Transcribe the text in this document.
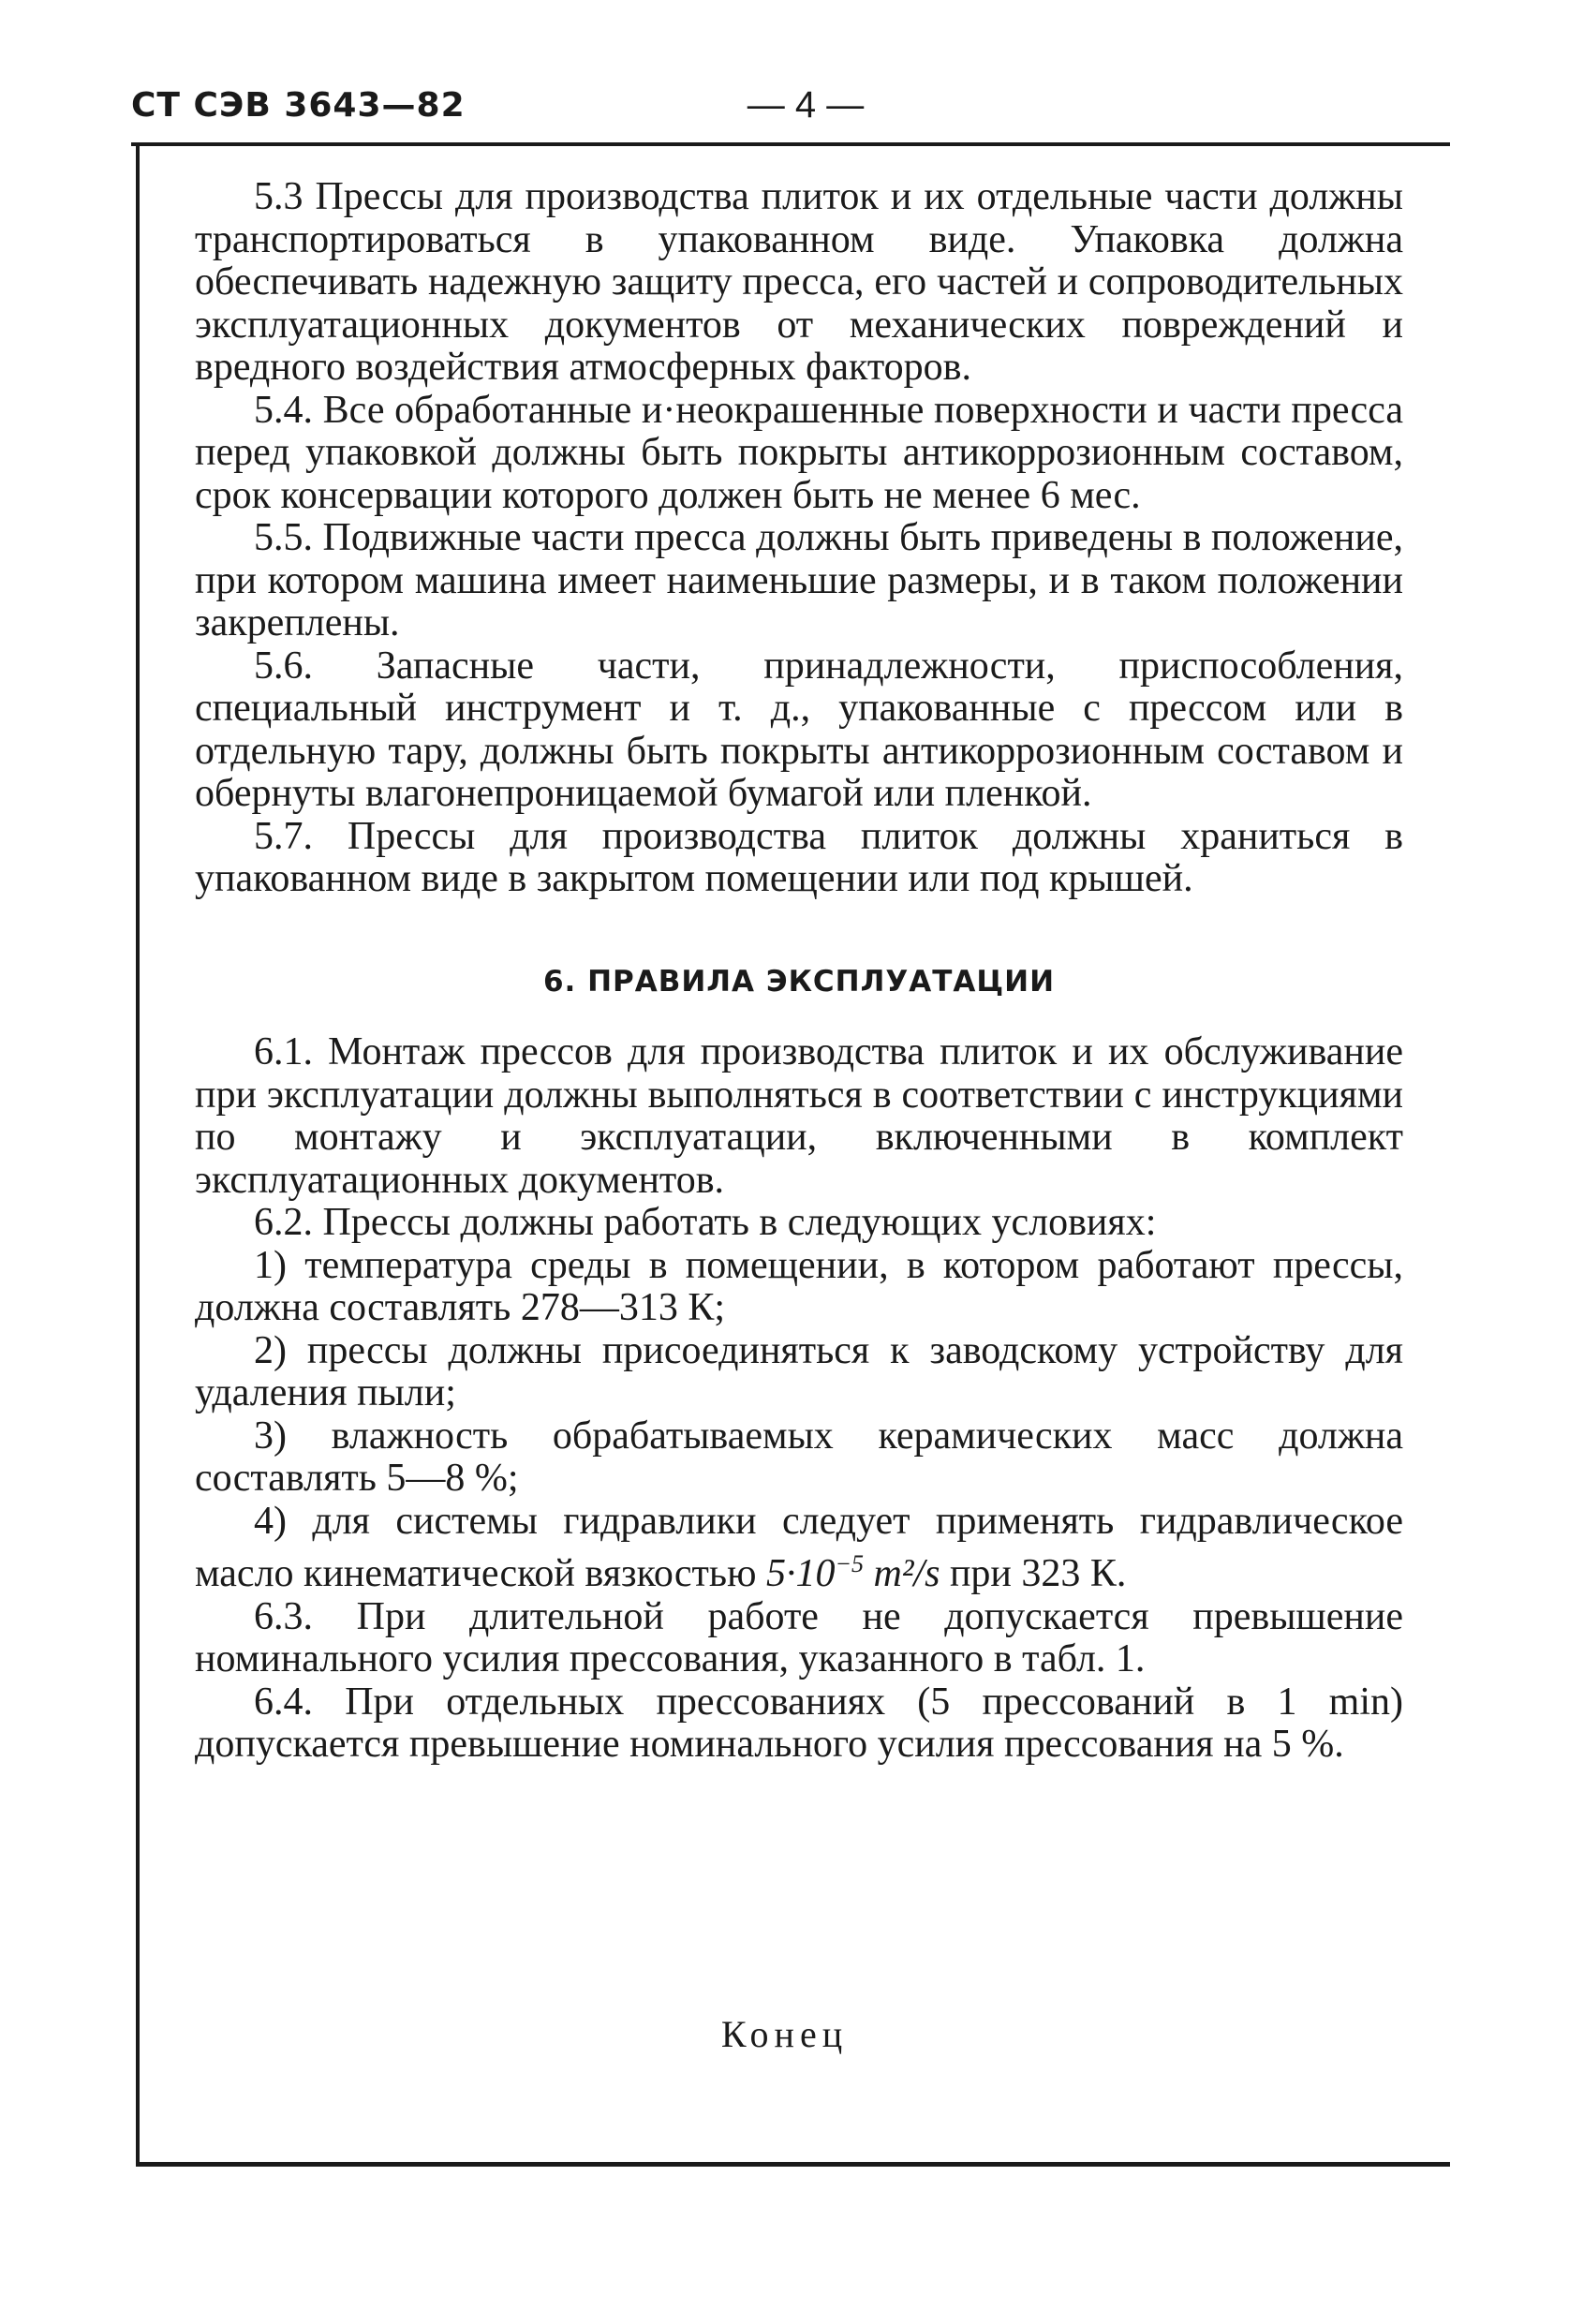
СТ СЭВ 3643—82	— 4 —

5.3 Прессы для производства плиток и их отдельные части должны транспортироваться в упакованном виде. Упаковка должна обеспечивать надежную защиту пресса, его частей и сопроводительных эксплуатационных документов от механических повреждений и вредного воздействия атмосферных факторов.

5.4. Все обработанные и·неокрашенные поверхности и части пресса перед упаковкой должны быть покрыты антикоррозионным составом, срок консервации которого должен быть не менее 6 мес.

5.5. Подвижные части пресса должны быть приведены в положение, при котором машина имеет наименьшие размеры, и в таком положении закреплены.

5.6. Запасные части, принадлежности, приспособления, специальный инструмент и т. д., упакованные с прессом или в отдельную тару, должны быть покрыты антикоррозионным составом и обернуты влагонепроницаемой бумагой или пленкой.

5.7. Прессы для производства плиток должны храниться в упакованном виде в закрытом помещении или под крышей.

6. ПРАВИЛА ЭКСПЛУАТАЦИИ

6.1. Монтаж прессов для производства плиток и их обслуживание при эксплуатации должны выполняться в соответствии с инструкциями по монтажу и эксплуатации, включенными в комплект эксплуатационных документов.

6.2. Прессы должны работать в следующих условиях:

1) температура среды в помещении, в котором работают прессы, должна составлять 278—313 К;

2) прессы должны присоединяться к заводскому устройству для удаления пыли;

3) влажность обрабатываемых керамических масс должна составлять 5—8 %;

4) для системы гидравлики следует применять гидравлическое масло кинематической вязкостью $5\cdot 10^{-5}$ m²/s при 323 К.

6.3. При длительной работе не допускается превышение номинального усилия прессования, указанного в табл. 1.

6.4. При отдельных прессованиях (5 прессований в 1 min) допускается превышение номинального усилия прессования на 5 %.

Конец
